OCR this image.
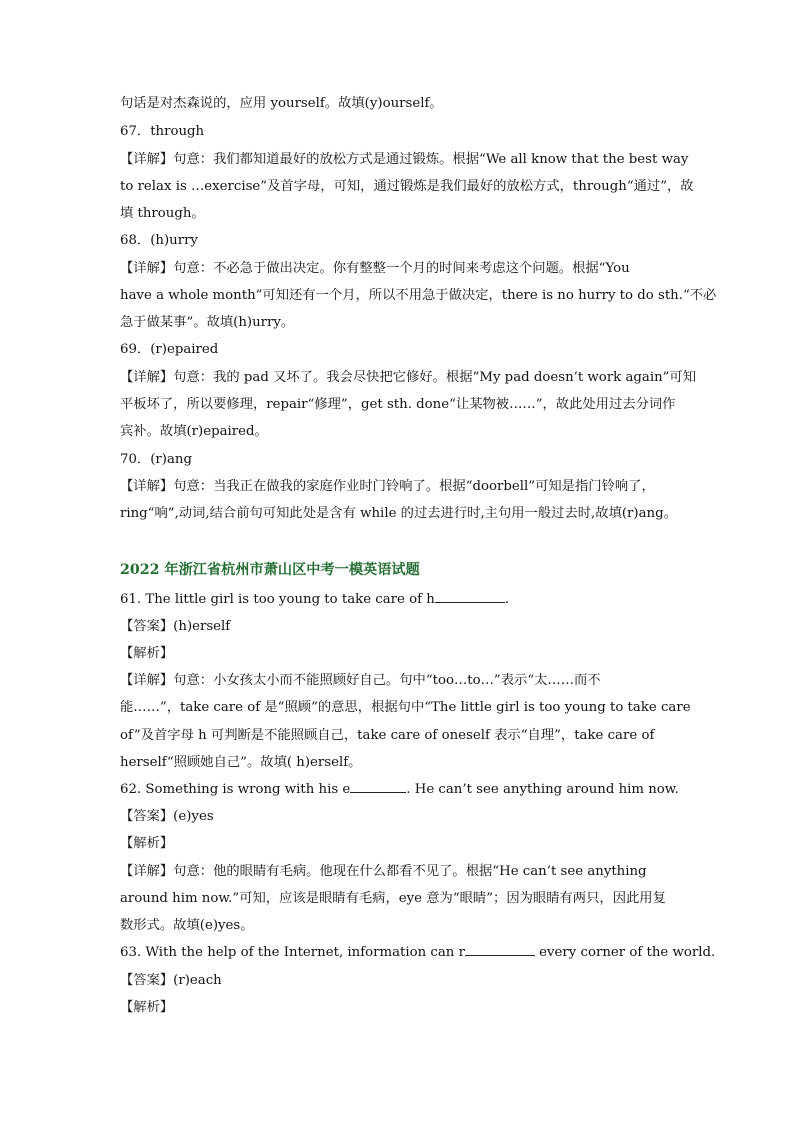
句话是对杰森说的，应用 yourself。故填(y)ourself。
67．through
【详解】句意：我们都知道最好的放松方式是通过锻炼。根据“We all know that the best way
to relax is …exercise”及首字母，可知，通过锻炼是我们最好的放松方式，through“通过”，故
填 through。
68．(h)urry
【详解】句意：不必急于做出决定。你有整整一个月的时间来考虑这个问题。根据“You
have a whole month”可知还有一个月，所以不用急于做决定，there is no hurry to do sth.“不必
急于做某事”。故填(h)urry。
69．(r)epaired
【详解】句意：我的 pad 又坏了。我会尽快把它修好。根据“My pad doesn’t work again”可知
平板坏了，所以要修理，repair“修理”，get sth. done“让某物被……”，故此处用过去分词作
宾补。故填(r)epaired。
70．(r)ang
【详解】句意：当我正在做我的家庭作业时门铃响了。根据“doorbell”可知是指门铃响了，
ring“响”,动词,结合前句可知此处是含有 while 的过去进行时,主句用一般过去时,故填(r)ang。
2022 年浙江省杭州市萧山区中考一模英语试题
61. The little girl is too young to take care of h	.
【答案】(h)erself
【解析】
【详解】句意：小女孩太小而不能照顾好自己。句中“too…to…”表示“太……而不
能……”，take care of 是“照顾”的意思，根据句中“The little girl is too young to take care
of”及首字母 h 可判断是不能照顾自己，take care of oneself 表示“自理”，take care of
herself“照顾她自己”。故填( h)erself。
62. Something is wrong with his e	. He can’t see anything around him now.
【答案】(e)yes
【解析】
【详解】句意：他的眼睛有毛病。他现在什么都看不见了。根据“He can’t see anything
around him now.”可知，应该是眼睛有毛病，eye 意为“眼睛”；因为眼睛有两只，因此用复
数形式。故填(e)yes。
63. With the help of the Internet, information can r	every corner of the world.
【答案】(r)each
【解析】
